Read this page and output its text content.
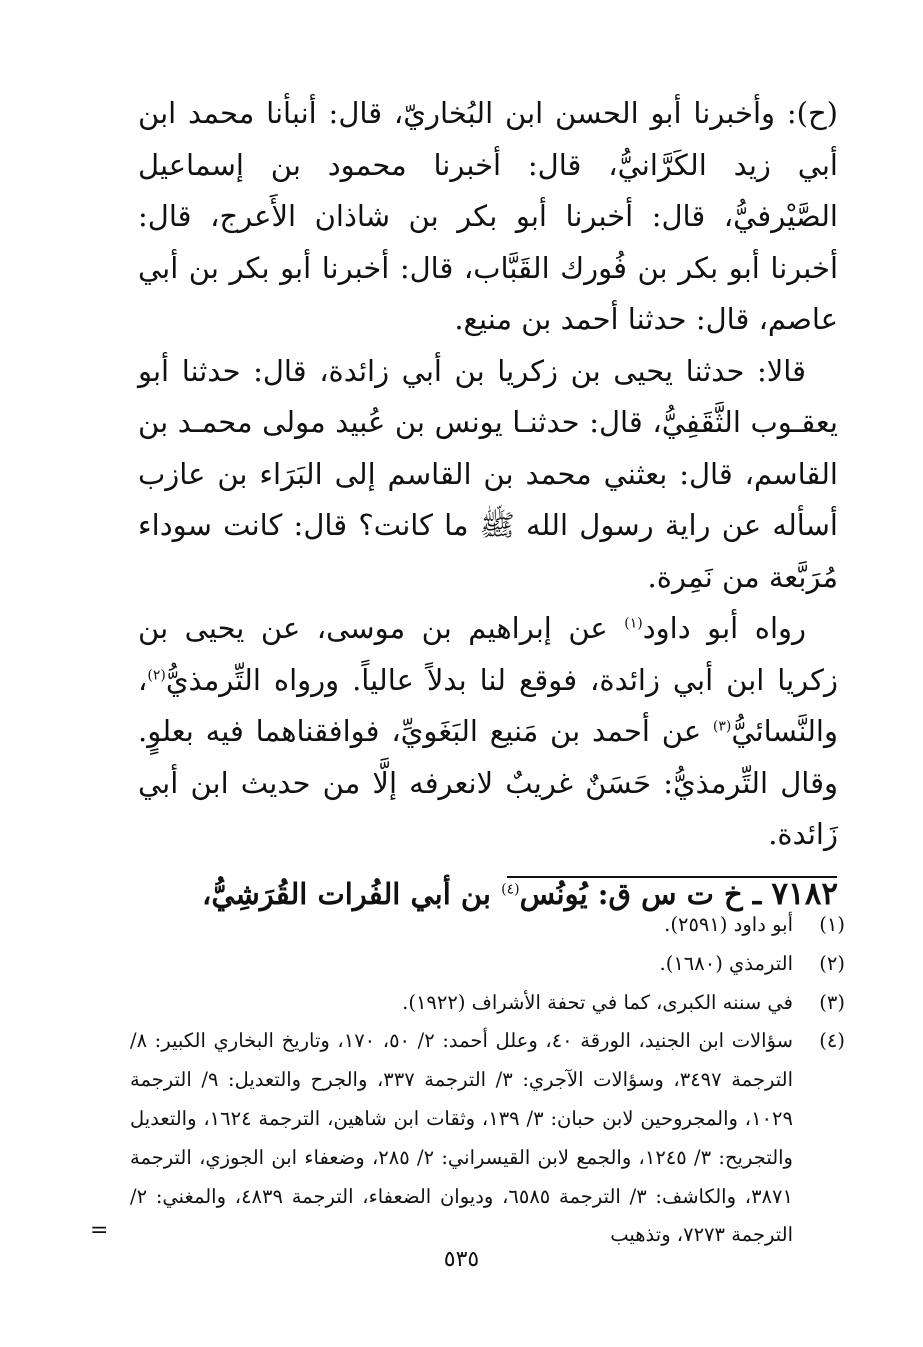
(ح): وأخبرنا أبو الحسن ابن البُخاريّ، قال: أنبأنا محمد ابن أبي زيد الكَرَّانيُّ، قال: أخبرنا محمود بن إسماعيل الصَّيْرفيُّ، قال: أخبرنا أبو بكر بن شاذان الأَعرج، قال: أخبرنا أبو بكر بن فُورك القَبَّاب، قال: أخبرنا أبو بكر بن أبي عاصم، قال: حدثنا أحمد بن منيع.

قالا: حدثنا يحيى بن زكريا بن أبي زائدة، قال: حدثنا أبو يعقـوب الثَّقَفِيُّ، قال: حدثنـا يونس بن عُبيد مولى محمـد بن القاسم، قال: بعثني محمد بن القاسم إلى البَرَاء بن عازب أسأله عن راية رسول الله ﷺ ما كانت؟ قال: كانت سوداء مُرَبَّعة من نَمِرة.

رواه أبو داود$^{(١)}$ عن إبراهيم بن موسى، عن يحيى بن زكريا ابن أبي زائدة، فوقع لنا بدلاً عالياً. ورواه التِّرمذيُّ$^{(٢)}$، والنَّسائيُّ$^{(٣)}$ عن أحمد بن مَنيع البَغَويِّ، فوافقناهما فيه بعلوٍ. وقال التِّرمذيُّ: حَسَنٌ غريبٌ لانعرفه إلَّا من حديث ابن أبي زَائدة.

٧١٨٢ ـ خ ت س ق: يُونُس$^{(٤)}$ بن أبي الفُرات القُرَشِيُّ،

(١)
أبو داود (٢٥٩١).
(٢)
الترمذي (١٦٨٠).
(٣)
في سننه الكبرى، كما في تحفة الأشراف (١٩٢٢).
(٤)
سؤالات ابن الجنيد، الورقة ٤٠، وعلل أحمد: ٢/ ٥٠، ١٧٠، وتاريخ البخاري الكبير: ٨/ الترجمة ٣٤٩٧، وسؤالات الآجري: ٣/ الترجمة ٣٣٧، والجرح والتعديل: ٩/ الترجمة ١٠٢٩، والمجروحين لابن حبان: ٣/ ١٣٩، وثقات ابن شاهين، الترجمة ١٦٢٤، والتعديل والتجريح: ٣/ ١٢٤٥، والجمع لابن القيسراني: ٢/ ٢٨٥، وضعفاء ابن الجوزي، الترجمة ٣٨٧١، والكاشف: ٣/ الترجمة ٦٥٨٥، وديوان الضعفاء، الترجمة ٤٨٣٩، والمغني: ٢/ الترجمة ٧٢٧٣، وتذهيب
=
٥٣٥
